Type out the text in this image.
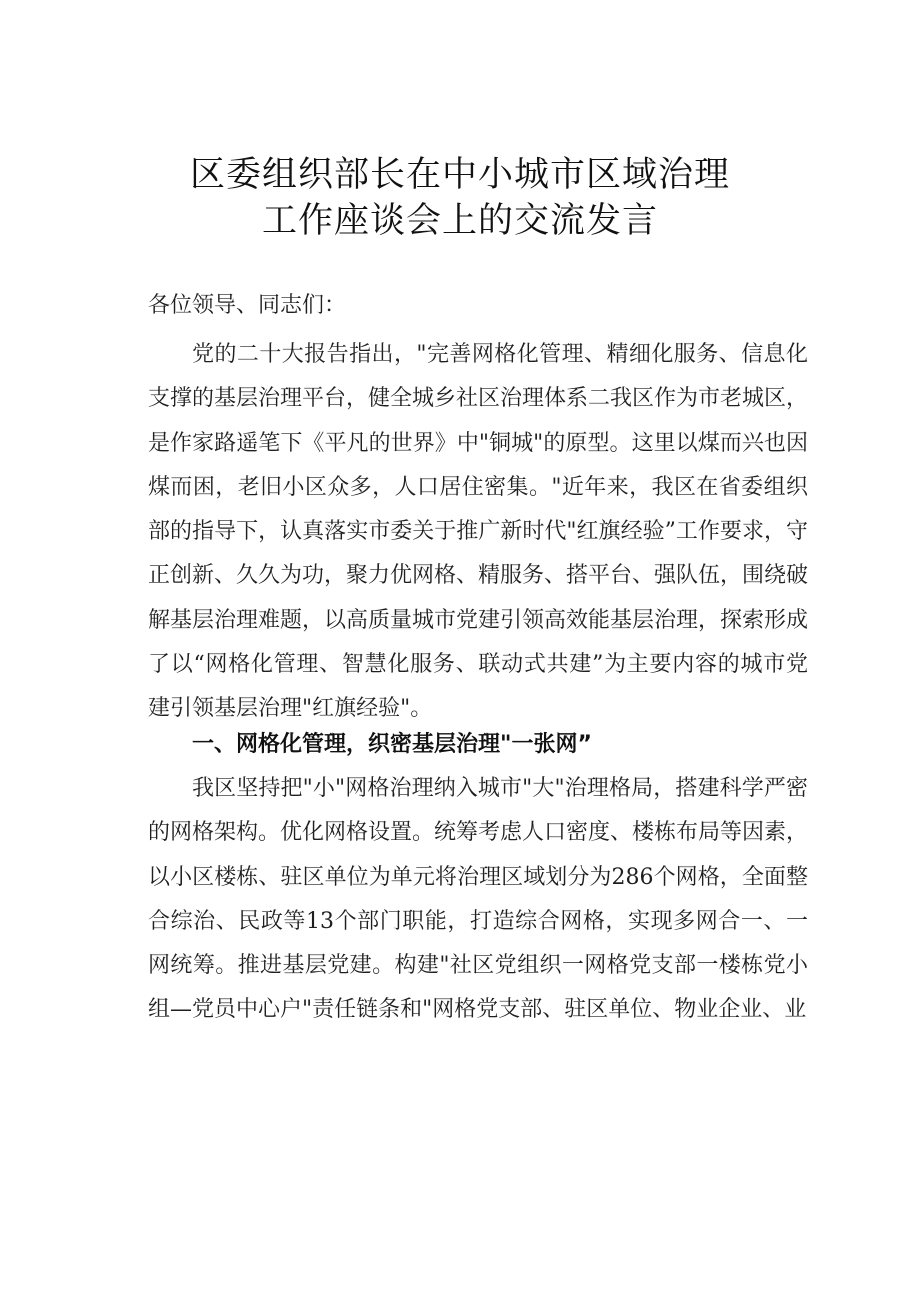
区委组织部长在中小城市区域治理
工作座谈会上的交流发言
各位领导、同志们：
党的二十大报告指出，"完善网格化管理、精细化服务、信息化支撑的基层治理平台，健全城乡社区治理体系二我区作为市老城区，是作家路遥笔下《平凡的世界》中"铜城"的原型。这里以煤而兴也因煤而困，老旧小区众多，人口居住密集。"近年来，我区在省委组织部的指导下，认真落实市委关于推广新时代"红旗经验”工作要求，守正创新、久久为功，聚力优网格、精服务、搭平台、强队伍，围绕破解基层治理难题，以高质量城市党建引领高效能基层治理，探索形成了以“网格化管理、智慧化服务、联动式共建”为主要内容的城市党建引领基层治理"红旗经验"。
一、网格化管理，织密基层治理"一张网”
我区坚持把"小"网格治理纳入城市"大"治理格局，搭建科学严密的网格架构。优化网格设置。统筹考虑人口密度、楼栋布局等因素，以小区楼栋、驻区单位为单元将治理区域划分为286个网格，全面整合综治、民政等13个部门职能，打造综合网格，实现多网合一、一网统筹。推进基层党建。构建"社区党组织一网格党支部一楼栋党小组—党员中心户"责任链条和"网格党支部、驻区单位、物业企业、业
